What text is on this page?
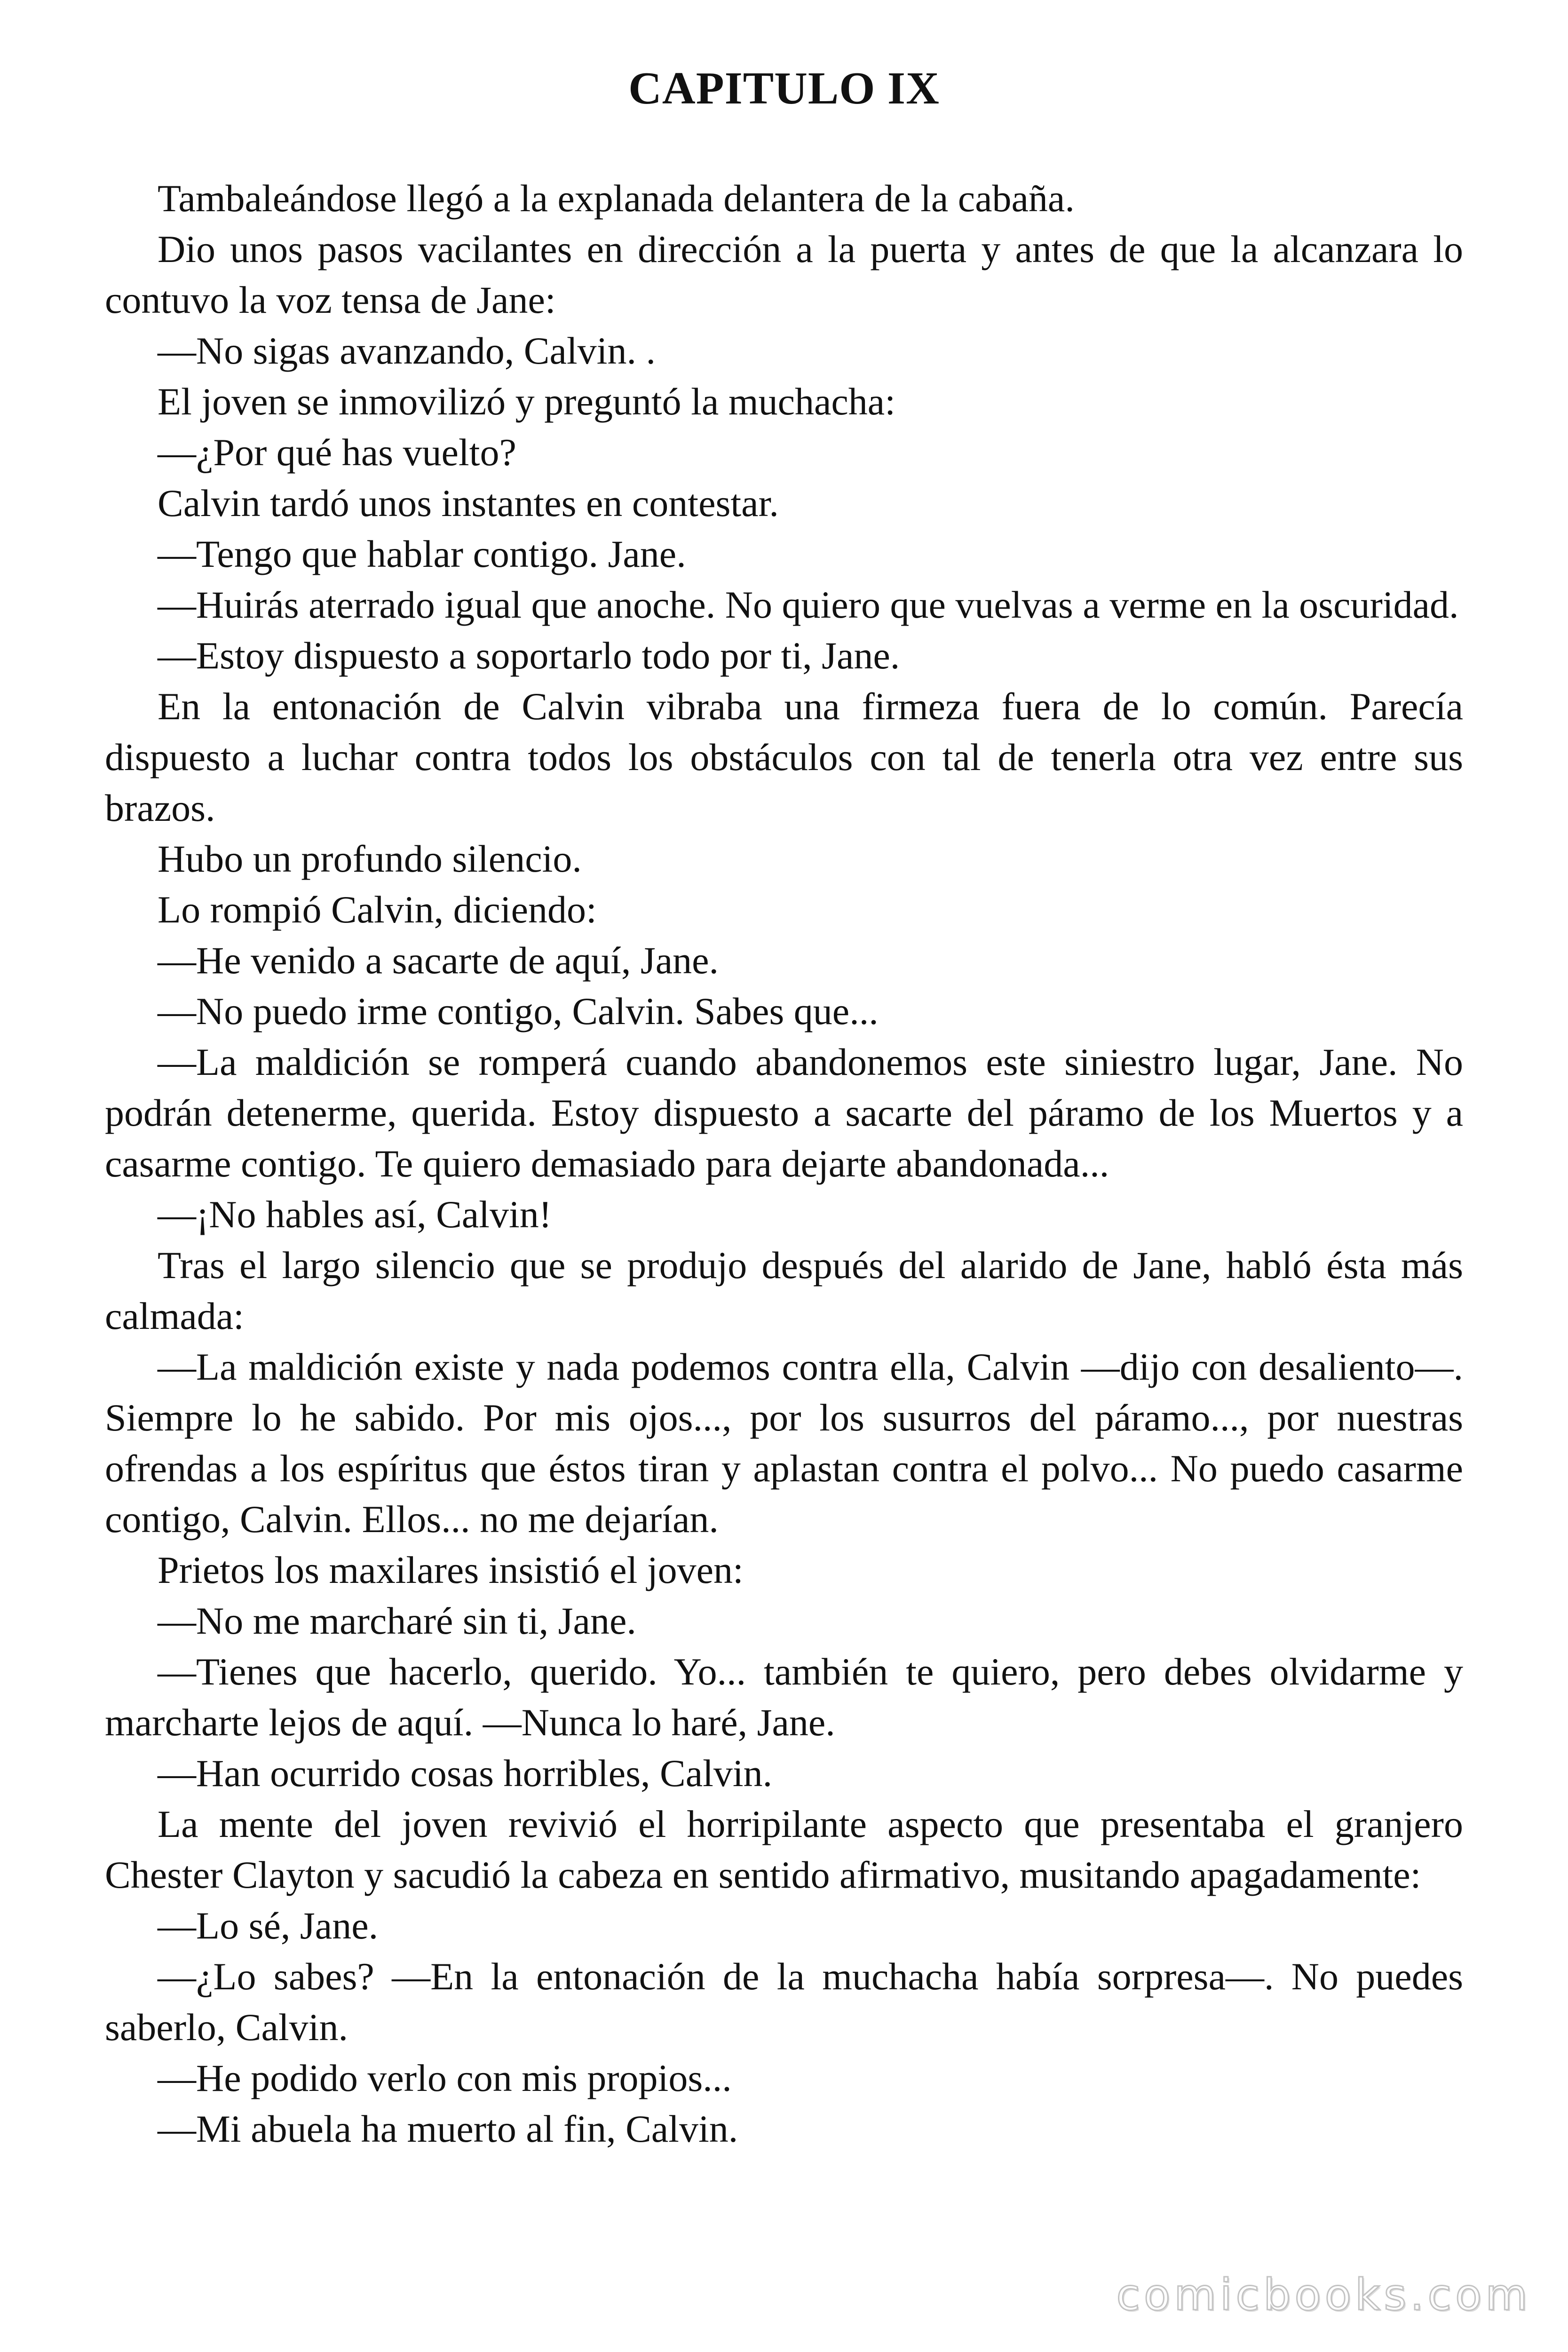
CAPITULO IX

Tambaleándose llegó a la explanada delantera de la cabaña.

Dio unos pasos vacilantes en dirección a la puerta y antes de que la alcanzara lo contuvo la voz tensa de Jane:

—No sigas avanzando, Calvin. .

El joven se inmovilizó y preguntó la muchacha:

—¿Por qué has vuelto?

Calvin tardó unos instantes en contestar.

—Tengo que hablar contigo. Jane.

—Huirás aterrado igual que anoche. No quiero que vuelvas a verme en la oscuridad.

—Estoy dispuesto a soportarlo todo por ti, Jane.

En la entonación de Calvin vibraba una firmeza fuera de lo común. Parecía dispuesto a luchar contra todos los obstáculos con tal de tenerla otra vez entre sus brazos.

Hubo un profundo silencio.

Lo rompió Calvin, diciendo:

—He venido a sacarte de aquí, Jane.

—No puedo irme contigo, Calvin. Sabes que...

—La maldición se romperá cuando abandonemos este siniestro lugar, Jane. No podrán detenerme, querida. Estoy dispuesto a sacarte del páramo de los Muertos y a casarme contigo. Te quiero demasiado para dejarte abandonada...

—¡No hables así, Calvin!

Tras el largo silencio que se produjo después del alarido de Jane, habló ésta más calmada:

—La maldición existe y nada podemos contra ella, Calvin —dijo con desaliento—. Siempre lo he sabido. Por mis ojos..., por los susurros del páramo..., por nuestras ofrendas a los espíritus que éstos tiran y aplastan contra el polvo... No puedo casarme contigo, Calvin. Ellos... no me dejarían.

Prietos los maxilares insistió el joven:

—No me marcharé sin ti, Jane.

—Tienes que hacerlo, querido. Yo... también te quiero, pero debes olvidarme y marcharte lejos de aquí. —Nunca lo haré, Jane.

—Han ocurrido cosas horribles, Calvin.

La mente del joven revivió el horripilante aspecto que presentaba el granjero Chester Clayton y sacudió la cabeza en sentido afirmativo, musitando apagadamente:

—Lo sé, Jane.

—¿Lo sabes? —En la entonación de la muchacha había sorpresa—. No puedes saberlo, Calvin.

—He podido verlo con mis propios...

—Mi abuela ha muerto al fin, Calvin.

comicbooks.com
